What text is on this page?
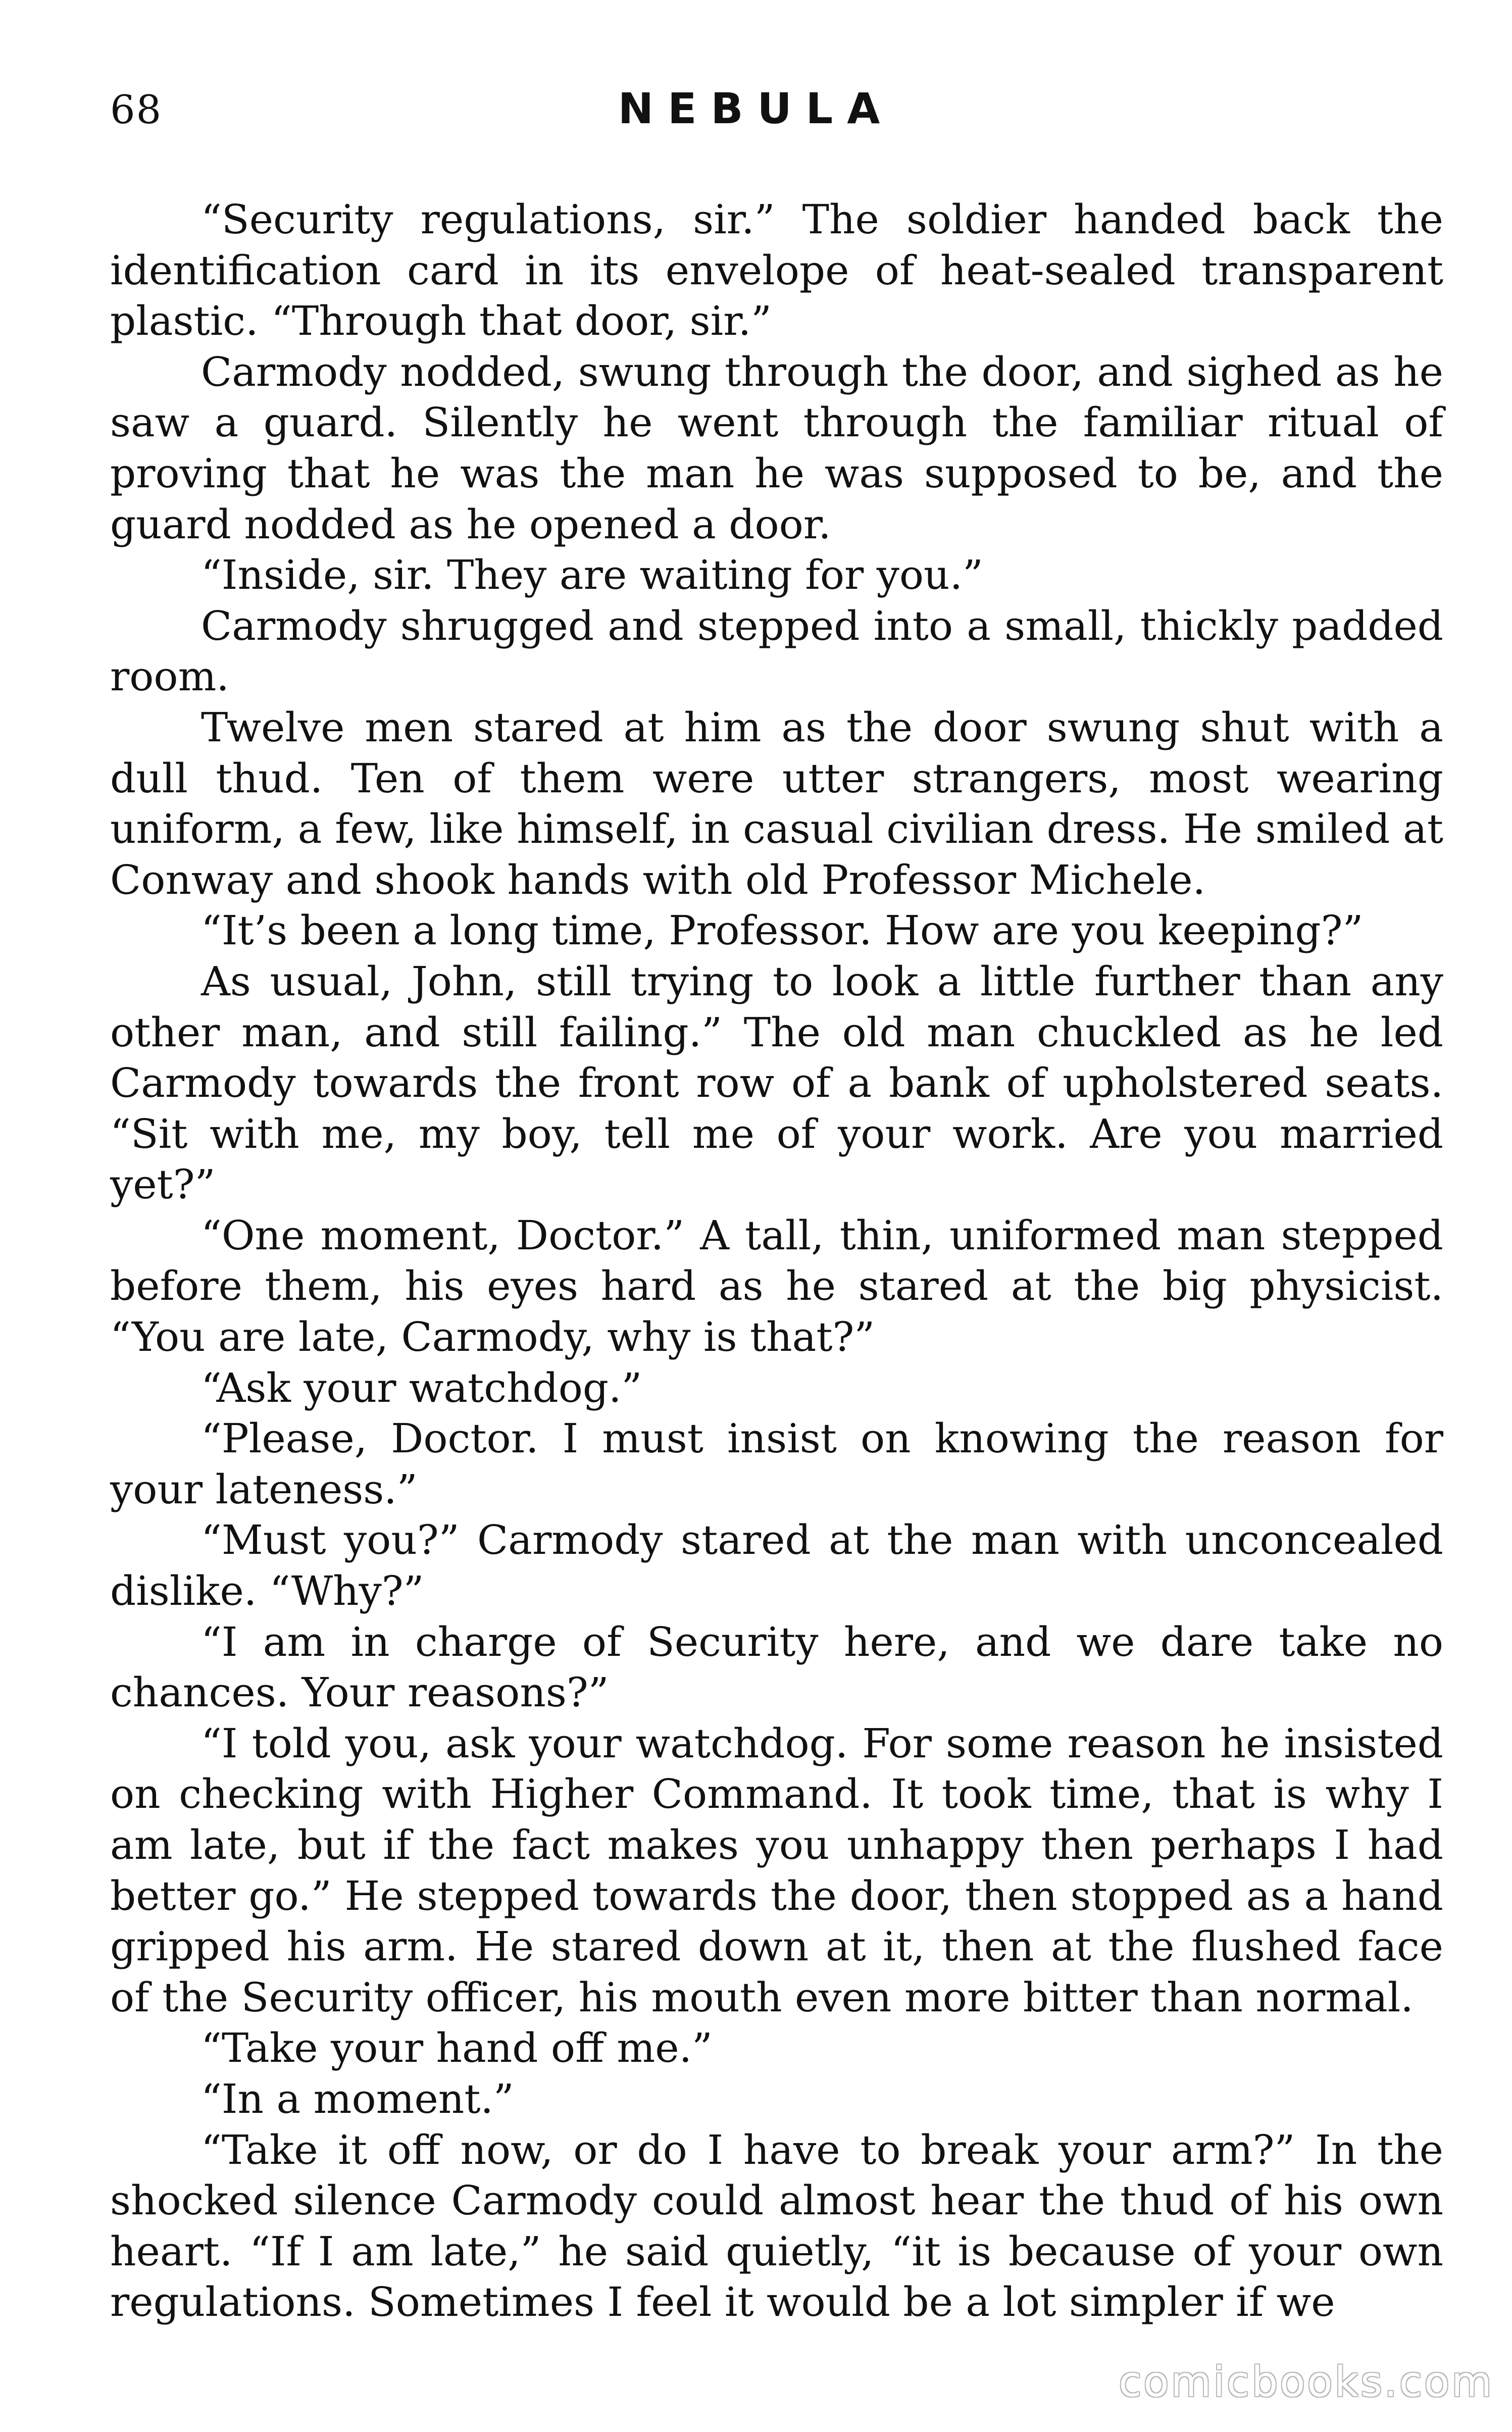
68	NEBULA

“Security regulations, sir.” The soldier handed back the identification card in its envelope of heat-sealed transparent plastic. “Through that door, sir.”

Carmody nodded, swung through the door, and sighed as he saw a guard. Silently he went through the familiar ritual of proving that he was the man he was supposed to be, and the guard nodded as he opened a door.

“Inside, sir. They are waiting for you.”

Carmody shrugged and stepped into a small, thickly padded room.

Twelve men stared at him as the door swung shut with a dull thud. Ten of them were utter strangers, most wearing uniform, a few, like himself, in casual civilian dress. He smiled at Conway and shook hands with old Professor Michele.

“It’s been a long time, Professor. How are you keeping?”

As usual, John, still trying to look a little further than any other man, and still failing.” The old man chuckled as he led Carmody towards the front row of a bank of upholstered seats. “Sit with me, my boy, tell me of your work. Are you married yet?”

“One moment, Doctor.” A tall, thin, uniformed man stepped before them, his eyes hard as he stared at the big physicist. “You are late, Carmody, why is that?”

“Ask your watchdog.”

“Please, Doctor. I must insist on knowing the reason for your lateness.”

“Must you?” Carmody stared at the man with unconcealed dislike. “Why?”

“I am in charge of Security here, and we dare take no chances. Your reasons?”

“I told you, ask your watchdog. For some reason he insisted on checking with Higher Command. It took time, that is why I am late, but if the fact makes you unhappy then perhaps I had better go.” He stepped towards the door, then stopped as a hand gripped his arm. He stared down at it, then at the flushed face of the Security officer, his mouth even more bitter than normal.

“Take your hand off me.”

“In a moment.”

“Take it off now, or do I have to break your arm?” In the shocked silence Carmody could almost hear the thud of his own heart. “If I am late,” he said quietly, “it is because of your own regulations. Sometimes I feel it would be a lot simpler if we

comicbooks.com
